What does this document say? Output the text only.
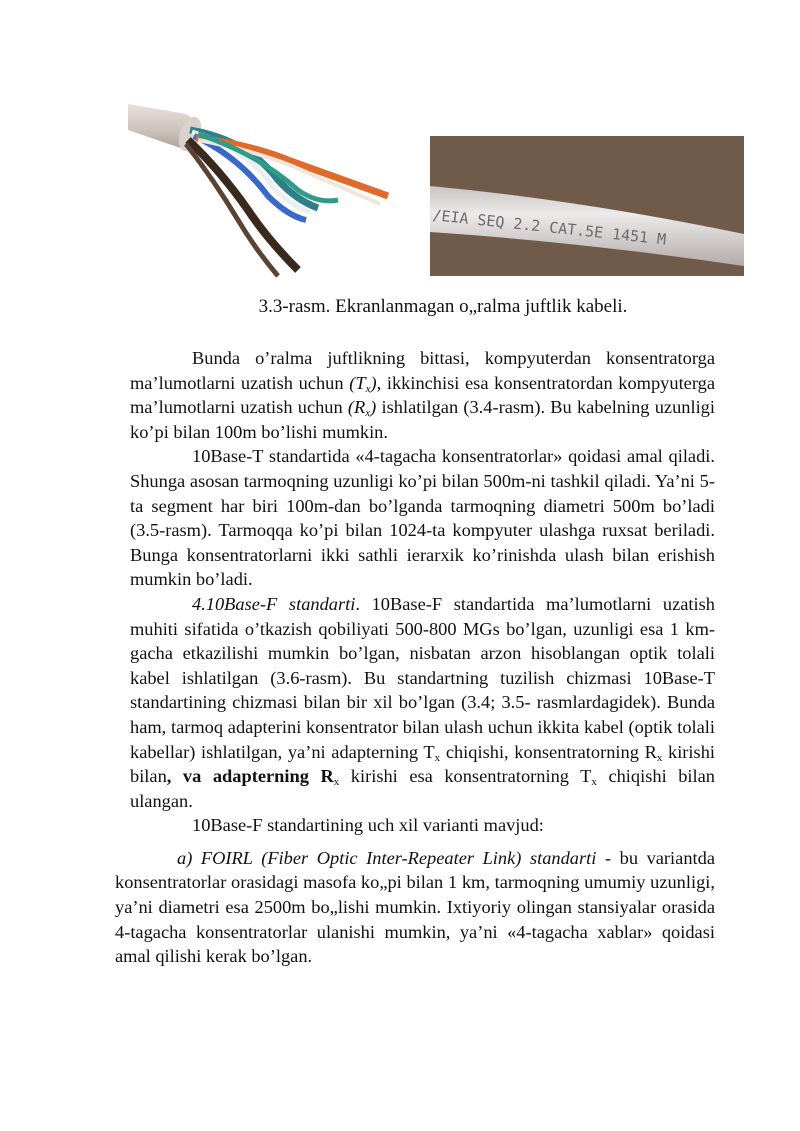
/EIA SEQ 2.2 CAT.5E 1451 M
3.3-rasm. Ekranlanmagan o„ralma juftlik kabeli.

Bunda o’ralma juftlikning bittasi, kompyuterdan konsentratorga ma’lumotlarni uzatish uchun $(T_x)$, ikkinchisi esa konsentratordan kompyuterga ma’lumotlarni uzatish uchun $(R_x)$ ishlatilgan (3.4-rasm). Bu kabelning uzunligi ko’pi bilan 100m bo’lishi mumkin.

10Base-T standartida «4-tagacha konsentratorlar» qoidasi amal qiladi. Shunga asosan tarmoqning uzunligi ko’pi bilan 500m-ni tashkil qiladi. Ya’ni 5-ta segment har biri 100m-dan bo’lganda tarmoqning diametri 500m bo’ladi (3.5-rasm). Tarmoqqa ko’pi bilan 1024-ta kompyuter ulashga ruxsat beriladi. Bunga konsentratorlarni ikki sathli ierarxik ko’rinishda ulash bilan erishish mumkin bo’ladi.

4.10Base-F standarti. 10Base-F standartida ma’lumotlarni uzatish muhiti sifatida o’tkazish qobiliyati 500-800 MGs bo’lgan, uzunligi esa 1 km-gacha etkazilishi mumkin bo’lgan, nisbatan arzon hisoblangan optik tolali kabel ishlatilgan (3.6-rasm). Bu standartning tuzilish chizmasi 10Base-T standartining chizmasi bilan bir xil bo’lgan (3.4; 3.5- rasmlardagidek). Bunda ham, tarmoq adapterini konsentrator bilan ulash uchun ikkita kabel (optik tolali kabellar) ishlatilgan, ya’ni adapterning $T_x$ chiqishi, konsentratorning $R_x$ kirishi bilan, va adapterning $R_x$ kirishi esa konsentratorning $T_x$ chiqishi bilan ulangan.

10Base-F standartining uch xil varianti mavjud:

a) FOIRL (Fiber Optic Inter-Repeater Link) standarti - bu variantda konsentratorlar orasidagi masofa ko„pi bilan 1 km, tarmoqning umumiy uzunligi, ya’ni diametri esa 2500m bo„lishi mumkin. Ixtiyoriy olingan stansiyalar orasida 4-tagacha konsentratorlar ulanishi mumkin, ya’ni «4-tagacha xablar» qoidasi amal qilishi kerak bo’lgan.
